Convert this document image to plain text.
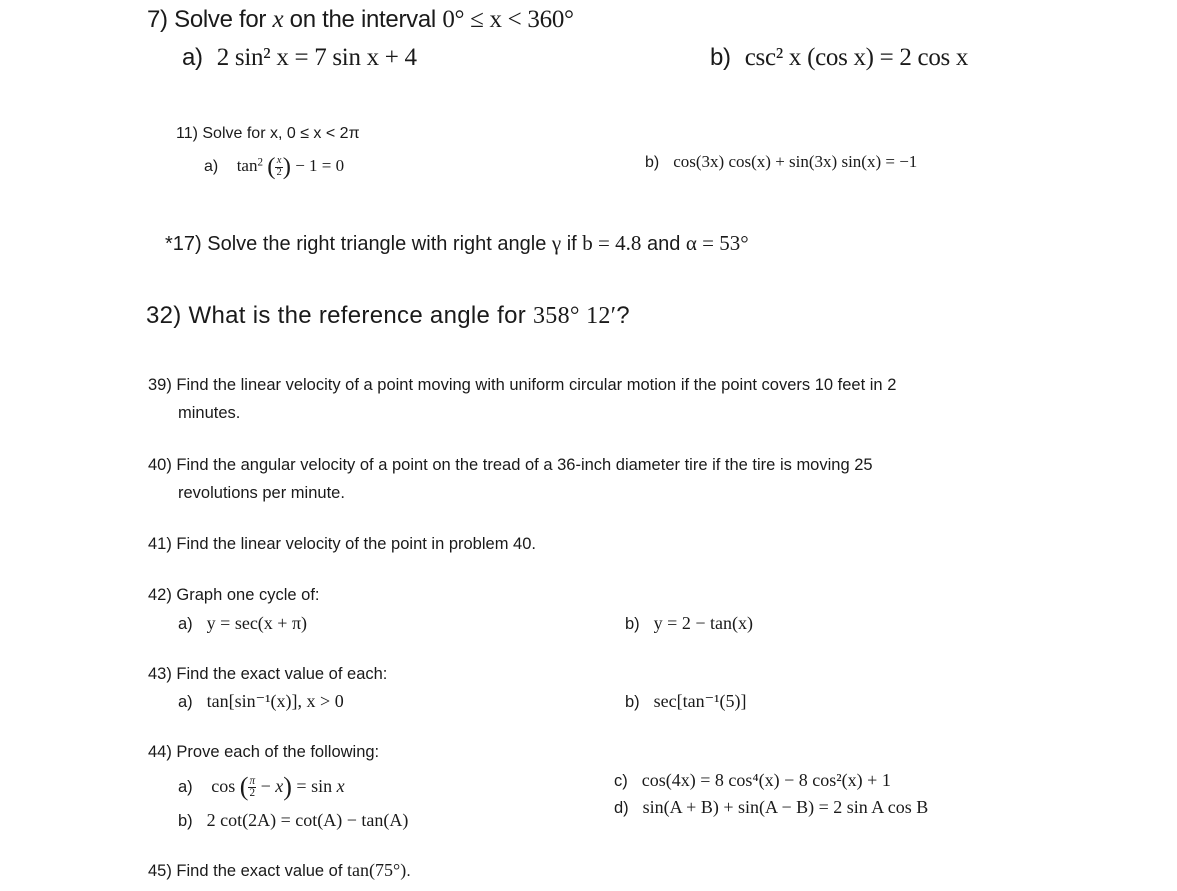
7) Solve for x on the interval 0° ≤ x < 360°
a) 2 sin² x = 7 sin x + 4	b) csc² x (cos x) = 2 cos x
11) Solve for x, 0 ≤ x < 2π
a) $\tan^2$ ( $\frac{x}{2}$ ) − 1 = 0	b) cos(3x) cos(x) + sin(3x) sin(x) = −1
*17) Solve the right triangle with right angle γ if b = 4.8 and α = 53°
32) What is the reference angle for 358° 12′?
39) Find the linear velocity of a point moving with uniform circular motion if the point covers 10 feet in 2
minutes.
40) Find the angular velocity of a point on the tread of a 36-inch diameter tire if the tire is moving 25
revolutions per minute.
41) Find the linear velocity of the point in problem 40.
42) Graph one cycle of:
a) y = sec(x + π)	b) y = 2 − tan(x)
43) Find the exact value of each:
a) tan[sin⁻¹(x)], x > 0	b) sec[tan⁻¹(5)]
44) Prove each of the following:
a) cos ( $\frac{\pi}{2} - x) = \sin x$
b) 2 cot(2A) = cot(A) − tan(A)
c) cos(4x) = 8 cos⁴(x) − 8 cos²(x) + 1
d) sin(A + B) + sin(A − B) = 2 sin A cos B
45) Find the exact value of tan(75°).
